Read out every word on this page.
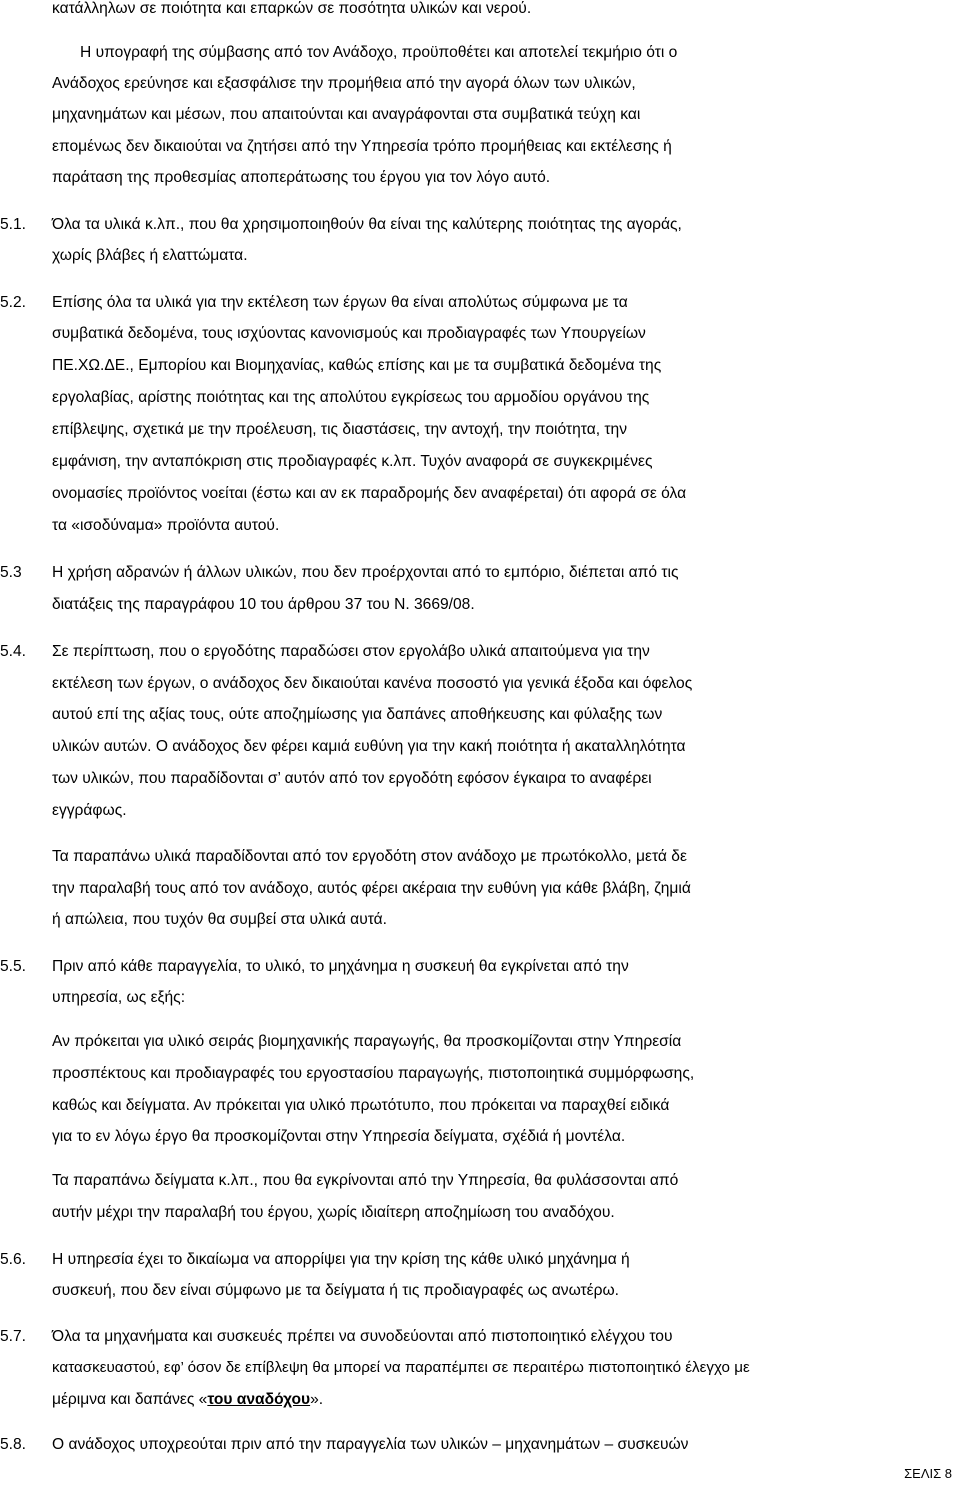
κατάλληλων σε ποιότητα και επαρκών σε ποσότητα υλικών και νερού.
Η υπογραφή της σύμβασης από τον Ανάδοχο, προϋποθέτει και αποτελεί τεκμήριο ότι ο
Ανάδοχος ερεύνησε και εξασφάλισε την προμήθεια από την αγορά όλων των υλικών,
μηχανημάτων και μέσων, που απαιτούνται και αναγράφονται στα συμβατικά τεύχη και
επομένως δεν δικαιούται να ζητήσει από την Υπηρεσία τρόπο προμήθειας και εκτέλεσης ή
παράταση της προθεσμίας αποπεράτωσης του έργου για τον λόγο αυτό.
5.1. Όλα τα υλικά κ.λπ., που θα χρησιμοποιηθούν θα είναι της καλύτερης ποιότητας της αγοράς,
χωρίς βλάβες ή ελαττώματα.
5.2. Επίσης όλα τα υλικά για την εκτέλεση των έργων θα είναι απολύτως σύμφωνα με τα
συμβατικά δεδομένα, τους ισχύοντας κανονισμούς και προδιαγραφές των Υπουργείων
ΠΕ.ΧΩ.ΔΕ., Εμπορίου και Βιομηχανίας, καθώς επίσης και με τα συμβατικά δεδομένα της
εργολαβίας, αρίστης ποιότητας και της απολύτου εγκρίσεως του αρμοδίου οργάνου της
επίβλεψης, σχετικά με την προέλευση, τις διαστάσεις, την αντοχή, την ποιότητα, την
εμφάνιση, την ανταπόκριση στις προδιαγραφές κ.λπ. Τυχόν αναφορά σε συγκεκριμένες
ονομασίες προϊόντος νοείται (έστω και αν εκ παραδρομής δεν αναφέρεται) ότι αφορά σε όλα
τα «ισοδύναμα» προϊόντα αυτού.
5.3 Η χρήση αδρανών ή άλλων υλικών, που δεν προέρχονται από το εμπόριο, διέπεται από τις
διατάξεις της παραγράφου 10 του άρθρου 37 του Ν. 3669/08.
5.4. Σε περίπτωση, που ο εργοδότης παραδώσει στον εργολάβο υλικά απαιτούμενα για την
εκτέλεση των έργων, ο ανάδοχος δεν δικαιούται κανένα ποσοστό για γενικά έξοδα και όφελος
αυτού επί της αξίας τους, ούτε αποζημίωσης για δαπάνες αποθήκευσης και φύλαξης των
υλικών αυτών. Ο ανάδοχος δεν φέρει καμιά ευθύνη για την κακή ποιότητα ή ακαταλληλότητα
των υλικών, που παραδίδονται σ’ αυτόν από τον εργοδότη εφόσον έγκαιρα το αναφέρει
εγγράφως.
Τα παραπάνω υλικά παραδίδονται από τον εργοδότη στον ανάδοχο με πρωτόκολλο, μετά δε
την παραλαβή τους από τον ανάδοχο, αυτός φέρει ακέραια την ευθύνη για κάθε βλάβη, ζημιά
ή απώλεια, που τυχόν θα συμβεί στα υλικά αυτά.
5.5. Πριν από κάθε παραγγελία, το υλικό, το μηχάνημα η συσκευή θα εγκρίνεται από την
υπηρεσία, ως εξής:
Αν πρόκειται για υλικό σειράς βιομηχανικής παραγωγής, θα προσκομίζονται στην Υπηρεσία
προσπέκτους και προδιαγραφές του εργοστασίου παραγωγής, πιστοποιητικά συμμόρφωσης,
καθώς και δείγματα. Αν πρόκειται για υλικό πρωτότυπο, που πρόκειται να παραχθεί ειδικά
για το εν λόγω έργο θα προσκομίζονται στην Υπηρεσία δείγματα, σχέδιά ή μοντέλα.
Τα παραπάνω δείγματα κ.λπ., που θα εγκρίνονται από την Υπηρεσία, θα φυλάσσονται από
αυτήν μέχρι την παραλαβή του έργου, χωρίς ιδιαίτερη αποζημίωση του αναδόχου.
5.6. Η υπηρεσία έχει το δικαίωμα να απορρίψει για την κρίση της κάθε υλικό μηχάνημα ή
συσκευή, που δεν είναι σύμφωνο με τα δείγματα ή τις προδιαγραφές ως ανωτέρω.
5.7. Όλα τα μηχανήματα και συσκευές πρέπει να συνοδεύονται από πιστοποιητικό ελέγχου του
κατασκευαστού, εφ’ όσον δε επίβλεψη θα μπορεί να παραπέμπει σε περαιτέρω πιστοποιητικό έλεγχο με
μέριμνα και δαπάνες «του αναδόχου».
5.8. Ο ανάδοχος υποχρεούται πριν από την παραγγελία των υλικών – μηχανημάτων – συσκευών
ΣΕΛΙΣ 8
